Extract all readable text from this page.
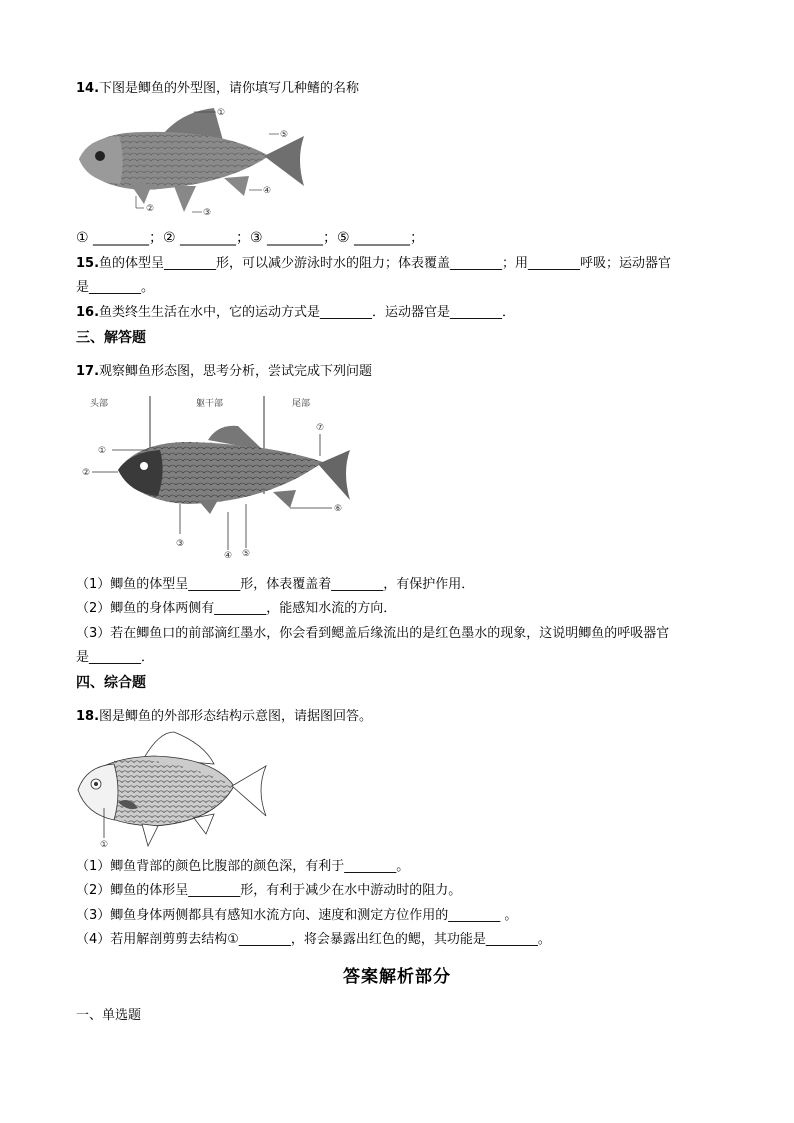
14.下图是鲫鱼的外型图，请你填写几种鳍的名称
①
⑤
②	③
④
① ________；② ________；③ ________；⑤ ________；
15.鱼的体型呈________形，可以减少游泳时水的阻力；体表覆盖________；用________呼吸；运动器官
是________。
16.鱼类终生生活在水中，它的运动方式是________．运动器官是________．
三、解答题
17.观察鲫鱼形态图，思考分析，尝试完成下列问题
头部	躯干部	尾部
①
②
③
④ ⑤
⑥
⑦
（1）鲫鱼的体型呈________形，体表覆盖着________，有保护作用．
（2）鲫鱼的身体两侧有________，能感知水流的方向．
（3）若在鲫鱼口的前部滴红墨水，你会看到鳃盖后缘流出的是红色墨水的现象，这说明鲫鱼的呼吸器官
是________．
四、综合题
18.图是鲫鱼的外部形态结构示意图，请据图回答。
①
（1）鲫鱼背部的颜色比腹部的颜色深，有利于________。
（2）鲫鱼的体形呈________形，有利于减少在水中游动时的阻力。
（3）鲫鱼身体两侧都具有感知水流方向、速度和测定方位作用的________ 。
（4）若用解剖剪剪去结构①________，将会暴露出红色的鳃，其功能是________。
答案解析部分
一、单选题
